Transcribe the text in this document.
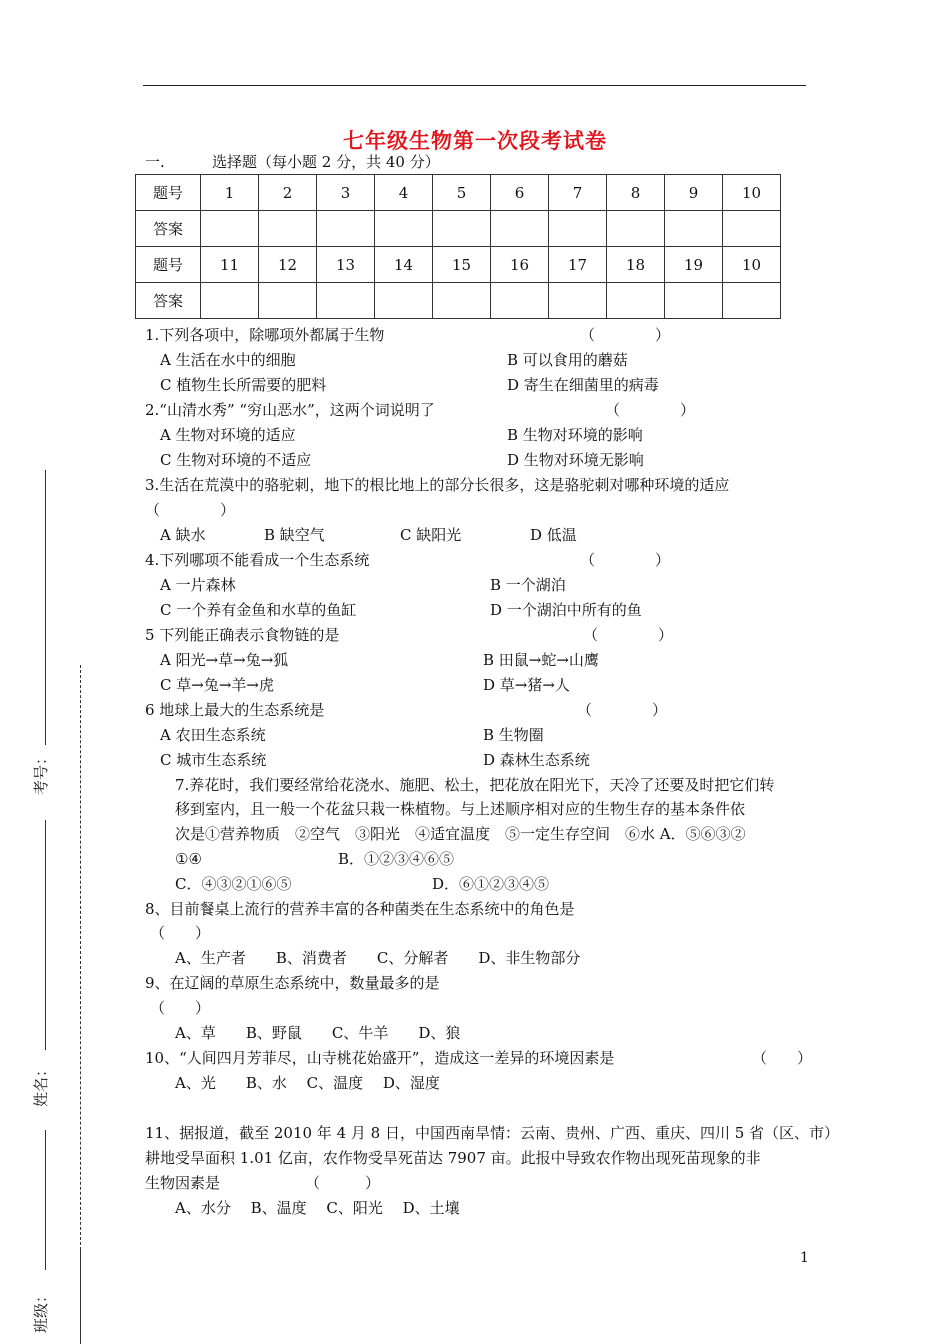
七年级生物第一次段考试卷
一.	选择题（每小题 2 分，共 40 分）
题号	1	2	3	4	5	6	7	8	9	10
答案										
题号	11	12	13	14	15	16	17	18	19	10
答案										
1.下列各项中，除哪项外都属于生物	（　　　　）
A 生活在水中的细胞	B 可以食用的蘑菇
C 植物生长所需要的肥料	D 寄生在细菌里的病毒
2.“山清水秀” “穷山恶水”，这两个词说明了	（　　　　）
A 生物对环境的适应	B 生物对环境的影响
C 生物对环境的不适应	D 生物对环境无影响
3.生活在荒漠中的骆驼刺，地下的根比地上的部分长很多，这是骆驼刺对哪种环境的适应
（　　　　）
A 缺水	B 缺空气	C 缺阳光	D 低温
4.下列哪项不能看成一个生态系统	（　　　　）
A 一片森林	B 一个湖泊
C 一个养有金鱼和水草的鱼缸	D 一个湖泊中所有的鱼
5 下列能正确表示食物链的是	（　　　　）
A 阳光→草→兔→狐	B 田鼠→蛇→山鹰
C 草→兔→羊→虎	D 草→猪→人
6 地球上最大的生态系统是	（　　　　）
A 农田生态系统	B 生物圈
C 城市生态系统	D 森林生态系统
7.养花时，我们要经常给花浇水、施肥、松土，把花放在阳光下，天冷了还要及时把它们转
移到室内，且一般一个花盆只栽一株植物。与上述顺序相对应的生物生存的基本条件依
次是①营养物质　②空气　③阳光　④适宜温度　⑤一定生存空间　⑥水 A．⑤⑥③②
①④	B．①②③④⑥⑤
C．④③②①⑥⑤	D．⑥①②③④⑤
8、目前餐桌上流行的营养丰富的各种菌类在生态系统中的角色是
（　　）
A、生产者　　B、消费者　　C、分解者　　D、非生物部分
9、在辽阔的草原生态系统中，数量最多的是
（　　）
A、草　　B、野鼠　　C、牛羊　　D、狼
10、“人间四月芳菲尽，山寺桃花始盛开”，造成这一差异的环境因素是	（　　）
A、光　　B、水　 C、温度　 D、湿度
11、据报道，截至 2010 年 4 月 8 日，中国西南旱情：云南、贵州、广西、重庆、四川 5 省（区、市）
耕地受旱面积 1.01 亿亩，农作物受旱死苗达 7907 亩。此报中导致农作物出现死苗现象的非
生物因素是	（　　　）
A、水分　 B、温度　 C、阳光　 D、土壤
考号：
姓名：
班级：
1
